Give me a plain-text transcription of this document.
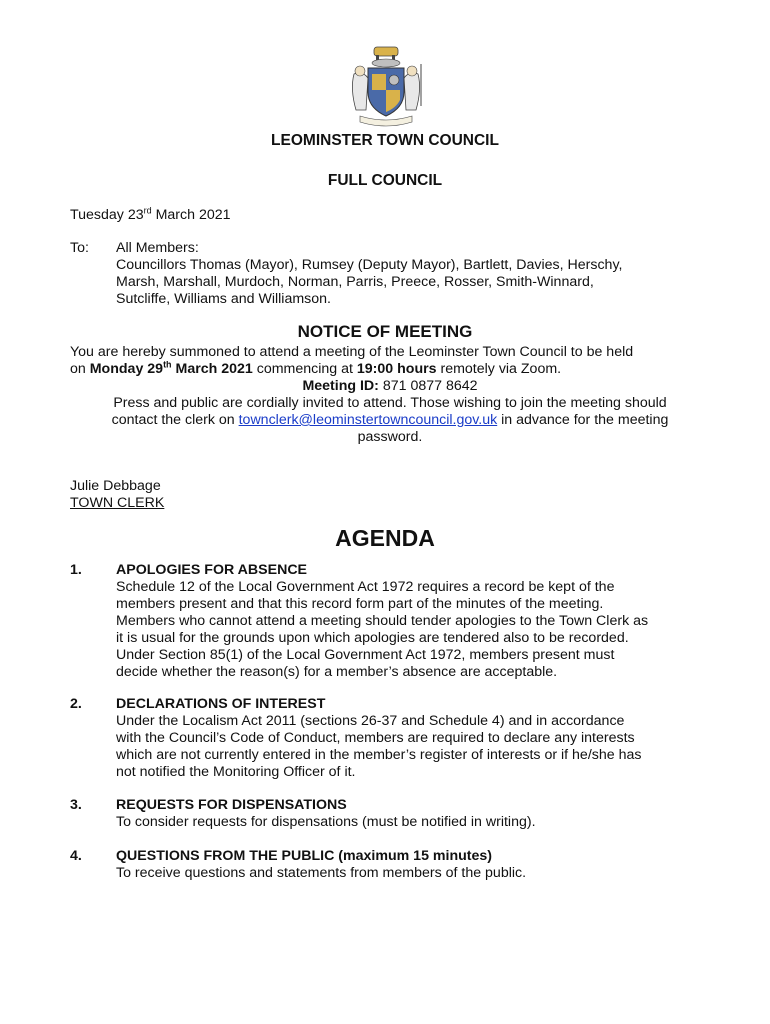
LEOMINSTER TOWN COUNCIL
FULL COUNCIL
Tuesday 23rd March 2021
To: All Members:
Councillors Thomas (Mayor), Rumsey (Deputy Mayor), Bartlett, Davies, Herschy,
Marsh, Marshall, Murdoch, Norman, Parris, Preece, Rosser, Smith-Winnard,
Sutcliffe, Williams and Williamson.
NOTICE OF MEETING
You are hereby summoned to attend a meeting of the Leominster Town Council to be held
on Monday 29th March 2021 commencing at 19:00 hours remotely via Zoom.
Meeting ID: 871 0877 8642
Press and public are cordially invited to attend. Those wishing to join the meeting should
contact the clerk on townclerk@leominstertowncouncil.gov.uk in advance for the meeting
password.
Julie Debbage
TOWN CLERK
AGENDA
1. APOLOGIES FOR ABSENCE
Schedule 12 of the Local Government Act 1972 requires a record be kept of the
members present and that this record form part of the minutes of the meeting.
Members who cannot attend a meeting should tender apologies to the Town Clerk as
it is usual for the grounds upon which apologies are tendered also to be recorded.
Under Section 85(1) of the Local Government Act 1972, members present must
decide whether the reason(s) for a member’s absence are acceptable.
2. DECLARATIONS OF INTEREST
Under the Localism Act 2011 (sections 26-37 and Schedule 4) and in accordance
with the Council’s Code of Conduct, members are required to declare any interests
which are not currently entered in the member’s register of interests or if he/she has
not notified the Monitoring Officer of it.
3. REQUESTS FOR DISPENSATIONS
To consider requests for dispensations (must be notified in writing).
4. QUESTIONS FROM THE PUBLIC (maximum 15 minutes)
To receive questions and statements from members of the public.
